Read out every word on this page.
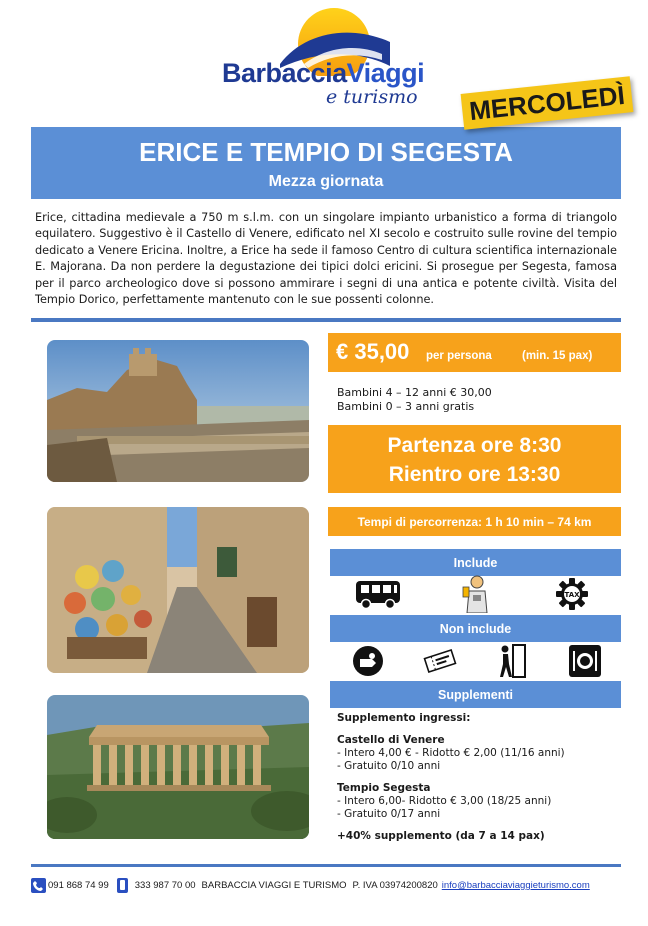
BarbacciaViaggi
e turismo MERCOLEDÌ
ERICE E TEMPIO DI SEGESTA
Mezza giornata

Erice, cittadina medievale a 750 m s.l.m. con un singolare impianto urbanistico a forma di triangolo equilatero. Suggestivo è il Castello di Venere, edificato nel XI secolo e costruito sulle rovine del tempio dedicato a Venere Ericina. Inoltre, a Erice ha sede il famoso Centro di cultura scientifica internazionale E. Majorana. Da non perdere la degustazione dei tipici dolci ericini. Si prosegue per Segesta, famosa per il parco archeologico dove si possono ammirare i segni di una antica e potente civiltà. Visita del Tempio Dorico, perfettamente mantenuto con le sue possenti colonne.

€ 35,00 per persona	(min. 15 pax)
Bambini 4 – 12 anni € 30,00
Bambini 0 – 3 anni gratis
Partenza ore 8:30
Rientro ore 13:30
Tempi di percorrenza: 1 h 10 min – 74 km
Include
TAX
Non include
Supplementi
Supplemento ingressi:
Castello di Venere
- Intero 4,00 € - Ridotto € 2,00 (11/16 anni)
- Gratuito 0/10 anni
Tempio Segesta
- Intero 6,00- Ridotto € 3,00 (18/25 anni)
- Gratuito 0/17 anni
+40% supplemento (da 7 a 14 pax)
091 868 74 99	333 987 70 00 BARBACCIA VIAGGI E TURISMO P. IVA 03974200820 info@barbacciaviaggieturismo.com
